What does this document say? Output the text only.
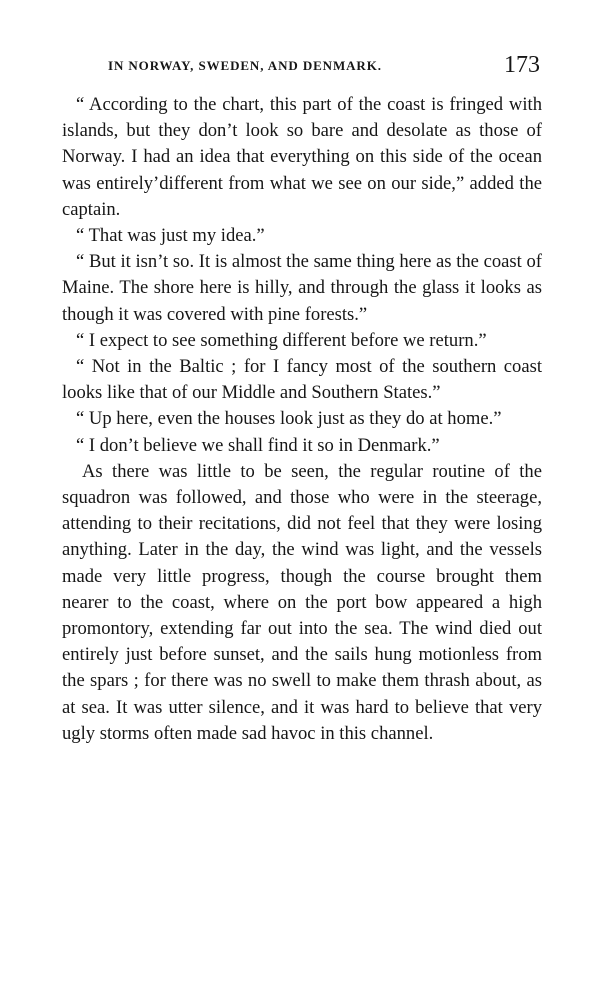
IN NORWAY, SWEDEN, AND DENMARK.	173

“ According to the chart, this part of the coast is fringed with islands, but they don’t look so bare and desolate as those of Norway. I had an idea that everything on this side of the ocean was entirely’different from what we see on our side,” added the captain.

“ That was just my idea.”

“ But it isn’t so. It is almost the same thing here as the coast of Maine. The shore here is hilly, and through the glass it looks as though it was covered with pine forests.”

“ I expect to see something different before we return.”

“ Not in the Baltic ; for I fancy most of the southern coast looks like that of our Middle and Southern States.”

“ Up here, even the houses look just as they do at home.”

“ I don’t believe we shall find it so in Denmark.”

As there was little to be seen, the regular routine of the squadron was followed, and those who were in the steerage, attending to their recitations, did not feel that they were losing anything. Later in the day, the wind was light, and the vessels made very little progress, though the course brought them nearer to the coast, where on the port bow appeared a high promontory, extending far out into the sea. The wind died out entirely just before sunset, and the sails hung motionless from the spars ; for there was no swell to make them thrash about, as at sea. It was utter silence, and it was hard to believe that very ugly storms often made sad havoc in this channel.
